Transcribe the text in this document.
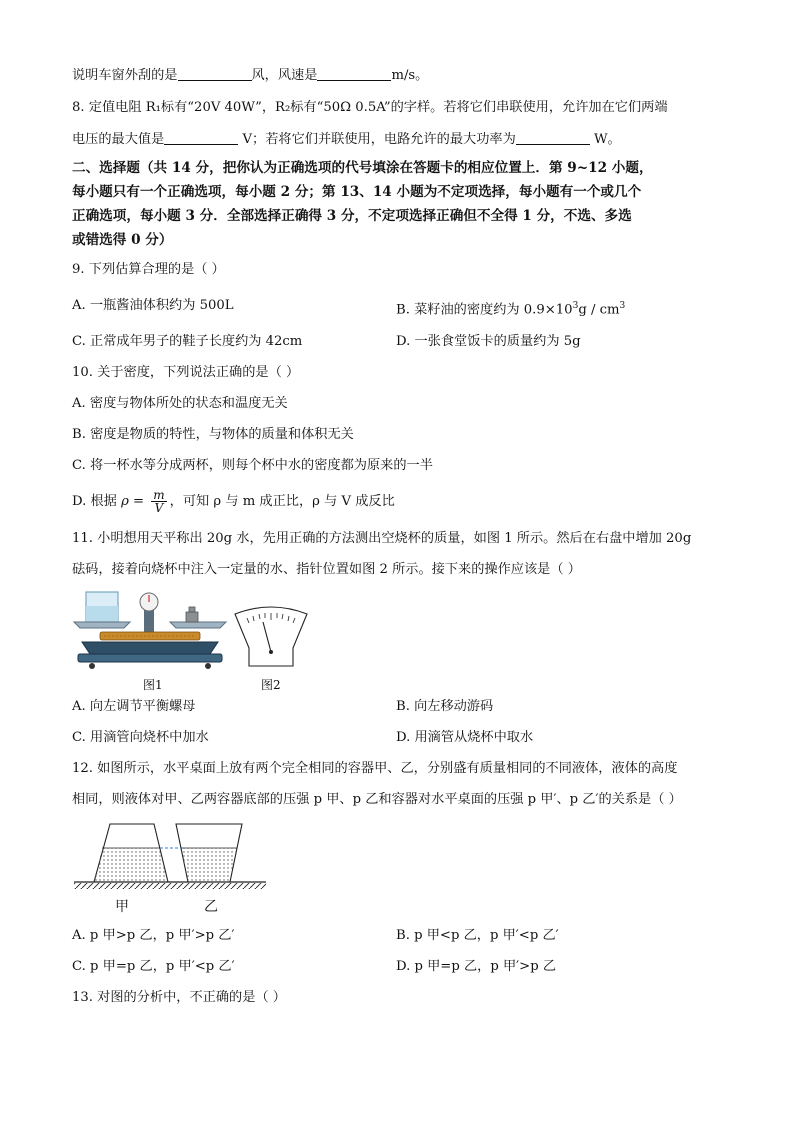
说明车窗外刮的是	风，风速是	m/s。
8. 定值电阻 R₁标有“20V 40W”，R₂标有“50Ω 0.5A”的字样。若将它们串联使用，允许加在它们两端
电压的最大值是	V；若将它们并联使用，电路允许的最大功率为	W。
二、选择题（共 14 分，把你认为正确选项的代号填涂在答题卡的相应位置上．第 9~12 小题，
每小题只有一个正确选项，每小题 2 分；第 13、14 小题为不定项选择，每小题有一个或几个
正确选项，每小题 3 分．全部选择正确得 3 分，不定项选择正确但不全得 1 分，不选、多选
或错选得 0 分）
9. 下列估算合理的是（ ）
A. 一瓶酱油体积约为 500L	B. 菜籽油的密度约为 $0.9\times 10^3g / cm^3$
C. 正常成年男子的鞋子长度约为 42cm	D. 一张食堂饭卡的质量约为 5g
10. 关于密度，下列说法正确的是（ ）
A. 密度与物体所处的状态和温度无关
B. 密度是物质的特性，与物体的质量和体积无关
C. 将一杯水等分成两杯，则每个杯中水的密度都为原来的一半
D. 根据 $\rho = \frac{m}{V}$ ，可知 ρ 与 m 成正比，ρ 与 V 成反比
11. 小明想用天平称出 20g 水，先用正确的方法测出空烧杯的质量，如图 1 所示。然后在右盘中增加 20g
砝码，接着向烧杯中注入一定量的水、指针位置如图 2 所示。接下来的操作应该是（ ）
图1	图2
A. 向左调节平衡螺母	B. 向左移动游码
C. 用滴管向烧杯中加水	D. 用滴管从烧杯中取水
12. 如图所示，水平桌面上放有两个完全相同的容器甲、乙，分别盛有质量相同的不同液体，液体的高度
相同，则液体对甲、乙两容器底部的压强 p 甲、p 乙和容器对水平桌面的压强 p 甲′、p 乙′的关系是（ ）
甲	乙
A. p 甲>p 乙，p 甲′>p 乙′	B. p 甲<p 乙，p 甲′<p 乙′
C. p 甲=p 乙，p 甲′<p 乙′	D. p 甲=p 乙，p 甲′>p 乙
13. 对图的分析中，不正确的是（ ）
